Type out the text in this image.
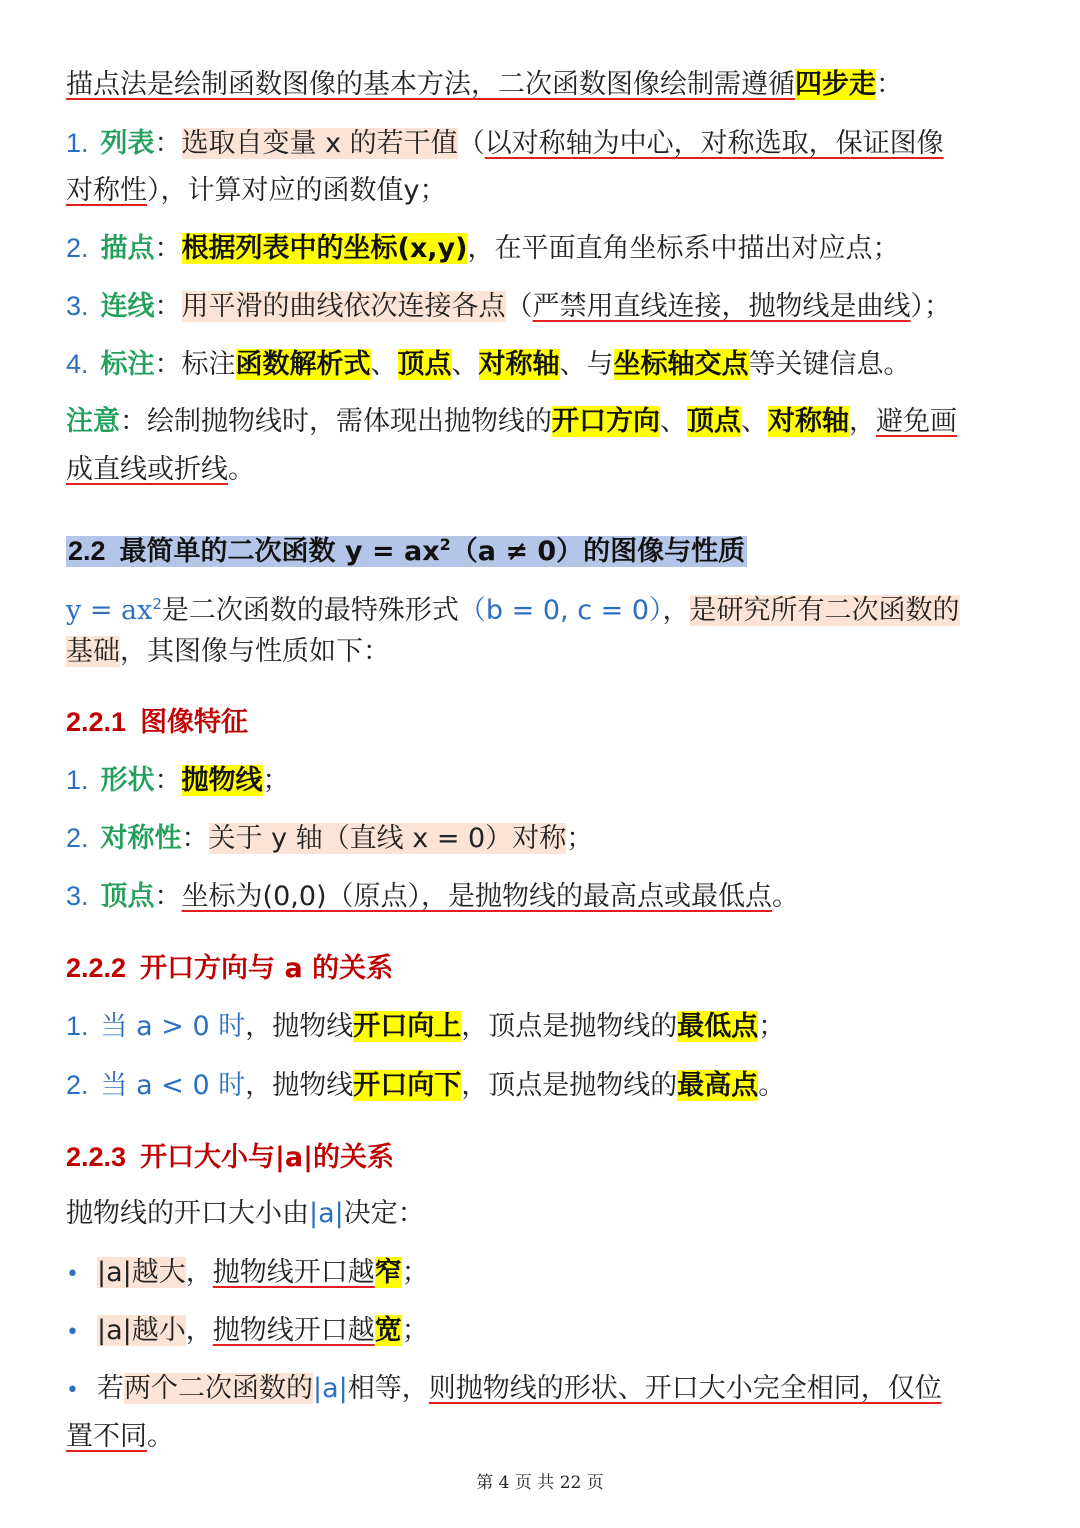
描点法是绘制函数图像的基本方法，二次函数图像绘制需遵循四步走：
1. 列表：选取自变量 x 的若干值（以对称轴为中心，对称选取，保证图像
对称性），计算对应的函数值y；
2. 描点：根据列表中的坐标(x,y)，在平面直角坐标系中描出对应点；
3. 连线：用平滑的曲线依次连接各点（严禁用直线连接，抛物线是曲线）；
4. 标注：标注函数解析式、顶点、对称轴、与坐标轴交点等关键信息。
注意：绘制抛物线时，需体现出抛物线的开口方向、顶点、对称轴，避免画
成直线或折线。
2.2 最简单的二次函数 $y = ax^2(a \ne 0)$的图像与性质
$y = ax^2$是二次函数的最特殊形式（b = 0, c = 0），是研究所有二次函数的
基础，其图像与性质如下：
2.2.1 图像特征
1. 形状：抛物线；
2. 对称性：关于 y 轴（直线 x = 0）对称；
3. 顶点：坐标为(0,0)（原点），是抛物线的最高点或最低点。
2.2.2 开口方向与 a 的关系
1. 当 a > 0 时，抛物线开口向上，顶点是抛物线的最低点；
2. 当 a < 0 时，抛物线开口向下，顶点是抛物线的最高点。
2.2.3 开口大小与|a|的关系
抛物线的开口大小由|a|决定：
• |a|越大，抛物线开口越窄；
• |a|越小，抛物线开口越宽；
• 若两个二次函数的|a|相等，则抛物线的形状、开口大小完全相同，仅位
置不同。
第 4 页 共 22 页
